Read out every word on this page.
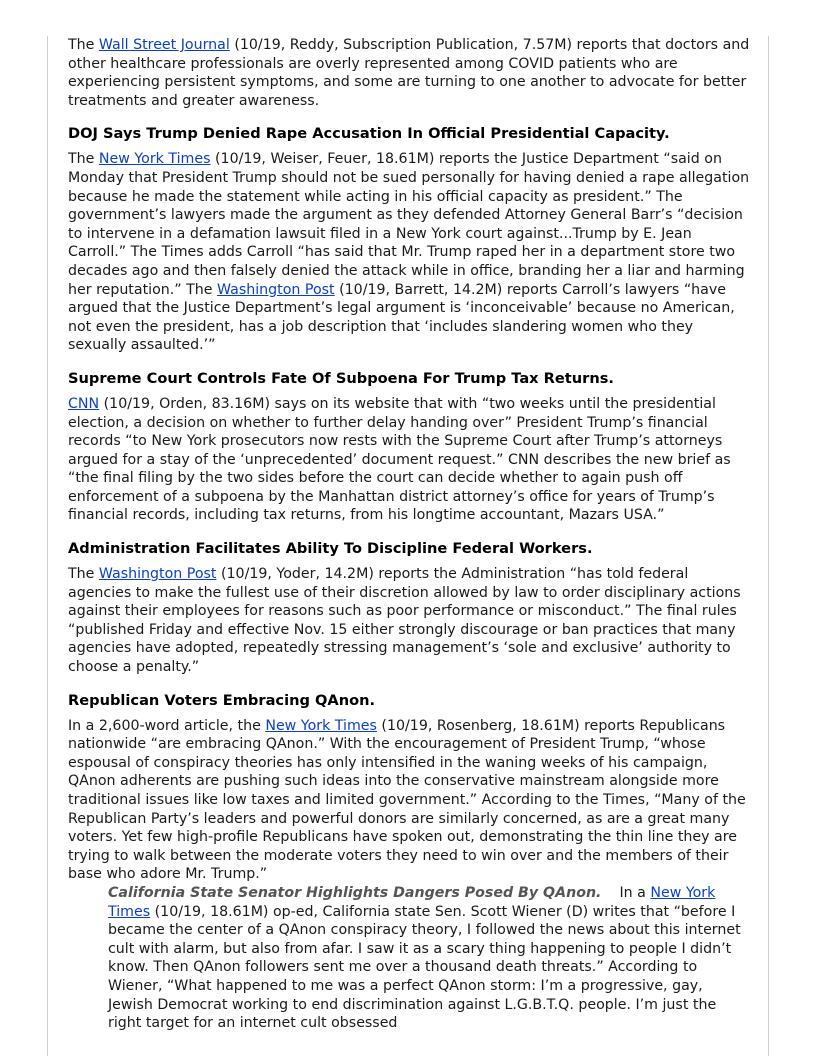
The Wall Street Journal (10/19, Reddy, Subscription Publication, 7.57M) reports that doctors and other healthcare professionals are overly represented among COVID patients who are experiencing persistent symptoms, and some are turning to one another to advocate for better treatments and greater awareness.

DOJ Says Trump Denied Rape Accusation In Official Presidential Capacity.

The New York Times (10/19, Weiser, Feuer, 18.61M) reports the Justice Department “said on Monday that President Trump should not be sued personally for having denied a rape allegation because he made the statement while acting in his official capacity as president.” The government’s lawyers made the argument as they defended Attorney General Barr’s “decision to intervene in a defamation lawsuit filed in a New York court against...Trump by E. Jean Carroll.” The Times adds Carroll “has said that Mr. Trump raped her in a department store two decades ago and then falsely denied the attack while in office, branding her a liar and harming her reputation.” The Washington Post (10/19, Barrett, 14.2M) reports Carroll’s lawyers “have argued that the Justice Department’s legal argument is ‘inconceivable’ because no American, not even the president, has a job description that ‘includes slandering women who they sexually assaulted.’”

Supreme Court Controls Fate Of Subpoena For Trump Tax Returns.

CNN (10/19, Orden, 83.16M) says on its website that with “two weeks until the presidential election, a decision on whether to further delay handing over” President Trump’s financial records “to New York prosecutors now rests with the Supreme Court after Trump’s attorneys argued for a stay of the ‘unprecedented’ document request.” CNN describes the new brief as “the final filing by the two sides before the court can decide whether to again push off enforcement of a subpoena by the Manhattan district attorney’s office for years of Trump’s financial records, including tax returns, from his longtime accountant, Mazars USA.”

Administration Facilitates Ability To Discipline Federal Workers.

The Washington Post (10/19, Yoder, 14.2M) reports the Administration “has told federal agencies to make the fullest use of their discretion allowed by law to order disciplinary actions against their employees for reasons such as poor performance or misconduct.” The final rules “published Friday and effective Nov. 15 either strongly discourage or ban practices that many agencies have adopted, repeatedly stressing management’s ‘sole and exclusive’ authority to choose a penalty.”

Republican Voters Embracing QAnon.

In a 2,600-word article, the New York Times (10/19, Rosenberg, 18.61M) reports Republicans nationwide “are embracing QAnon.” With the encouragement of President Trump, “whose espousal of conspiracy theories has only intensified in the waning weeks of his campaign, QAnon adherents are pushing such ideas into the conservative mainstream alongside more traditional issues like low taxes and limited government.” According to the Times, “Many of the Republican Party’s leaders and powerful donors are similarly concerned, as are a great many voters. Yet few high-profile Republicans have spoken out, demonstrating the thin line they are trying to walk between the moderate voters they need to win over and the members of their base who adore Mr. Trump.”

California State Senator Highlights Dangers Posed By QAnon. In a New York Times (10/19, 18.61M) op-ed, California state Sen. Scott Wiener (D) writes that “before I became the center of a QAnon conspiracy theory, I followed the news about this internet cult with alarm, but also from afar. I saw it as a scary thing happening to people I didn’t know. Then QAnon followers sent me over a thousand death threats.” According to Wiener, “What happened to me was a perfect QAnon storm: I’m a progressive, gay, Jewish Democrat working to end discrimination against L.G.B.T.Q. people. I’m just the right target for an internet cult obsessed
